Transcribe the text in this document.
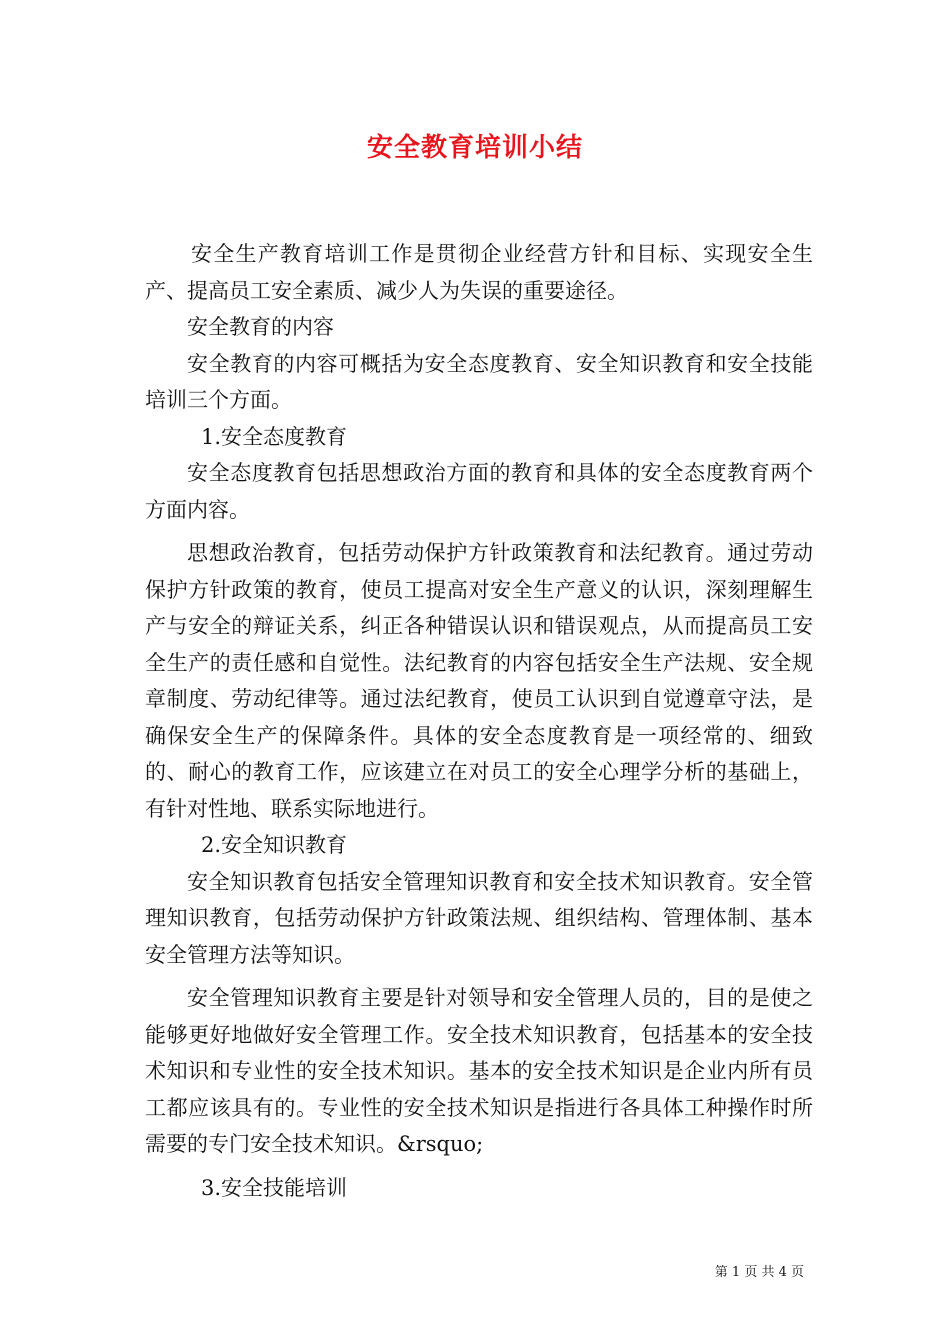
安全教育培训小结

安全生产教育培训工作是贯彻企业经营方针和目标、实现安全生产、提高员工安全素质、减少人为失误的重要途径。

安全教育的内容

安全教育的内容可概括为安全态度教育、安全知识教育和安全技能培训三个方面。

1.安全态度教育

安全态度教育包括思想政治方面的教育和具体的安全态度教育两个方面内容。

思想政治教育，包括劳动保护方针政策教育和法纪教育。通过劳动保护方针政策的教育，使员工提高对安全生产意义的认识，深刻理解生产与安全的辩证关系，纠正各种错误认识和错误观点，从而提高员工安全生产的责任感和自觉性。法纪教育的内容包括安全生产法规、安全规章制度、劳动纪律等。通过法纪教育，使员工认识到自觉遵章守法，是确保安全生产的保障条件。具体的安全态度教育是一项经常的、细致的、耐心的教育工作，应该建立在对员工的安全心理学分析的基础上，有针对性地、联系实际地进行。

2.安全知识教育

安全知识教育包括安全管理知识教育和安全技术知识教育。安全管理知识教育，包括劳动保护方针政策法规、组织结构、管理体制、基本安全管理方法等知识。

安全管理知识教育主要是针对领导和安全管理人员的，目的是使之能够更好地做好安全管理工作。安全技术知识教育，包括基本的安全技术知识和专业性的安全技术知识。基本的安全技术知识是企业内所有员工都应该具有的。专业性的安全技术知识是指进行各具体工种操作时所需要的专门安全技术知识。&rsquo;

3.安全技能培训

第 1 页 共 4 页
